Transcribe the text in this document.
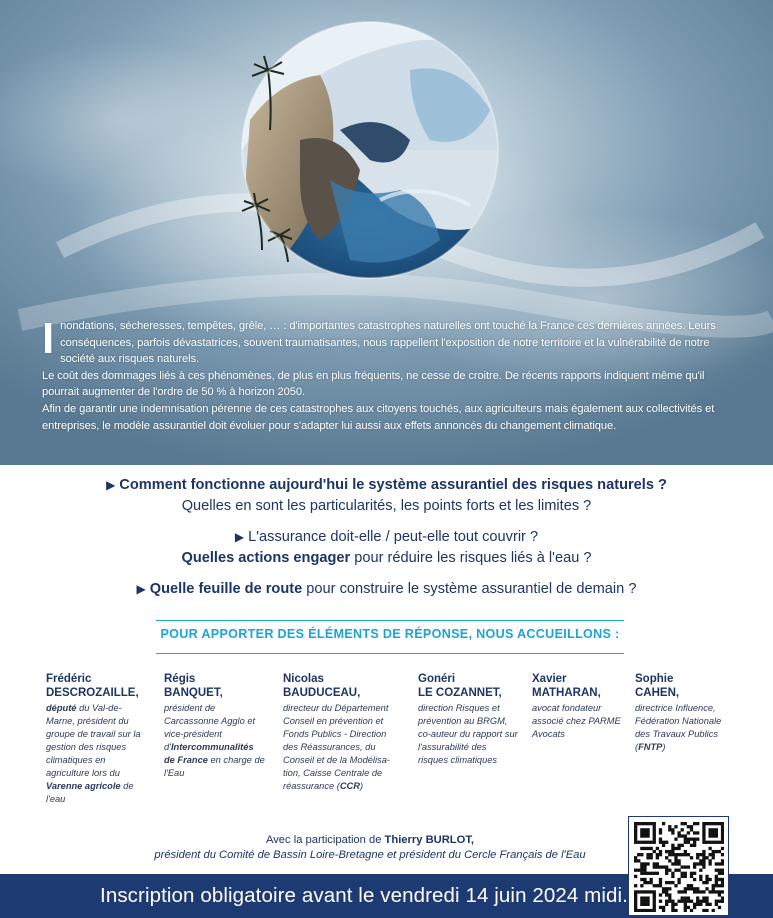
I nondations, sécheresses, tempêtes, grêle, … : d'importantes catastrophes naturelles ont touché la France ces dernières années. Leurs conséquences, parfois dévastatrices, souvent traumatisantes, nous rappellent l'exposition de notre territoire et la vulnérabilité de notre société aux risques naturels.

Le coût des dommages liés à ces phénomènes, de plus en plus fréquents, ne cesse de croitre. De récents rapports indiquent même qu'il pourrait augmenter de l'ordre de 50 % à horizon 2050.

Afin de garantir une indemnisation pérenne de ces catastrophes aux citoyens touchés, aux agriculteurs mais également aux collectivités et entreprises, le modèle assurantiel doit évoluer pour s'adapter lui aussi aux effets annoncés du changement climatique.

▶ Comment fonctionne aujourd'hui le système assurantiel des risques naturels ?
Quelles en sont les particularités, les points forts et les limites ?
▶ L'assurance doit-elle / peut-elle tout couvrir ?
Quelles actions engager pour réduire les risques liés à l'eau ?
▶ Quelle feuille de route pour construire le système assurantiel de demain ?
POUR APPORTER DES ÉLÉMENTS DE RÉPONSE, NOUS ACCUEILLONS :
Frédéric
DESCROZAILLE,
député du Val-de-Marne, président du groupe de travail sur la gestion des risques climatiques en agriculture lors du Varenne agricole de l'eau
Régis
BANQUET,
président de Carcassonne Agglo et vice-président d'Intercommunalités de France en charge de l'Eau
Nicolas
BAUDUCEAU,
directeur du Département Conseil en prévention et Fonds Publics - Direction des Réassurances, du Conseil et de la Modélisa-tion, Caisse Centrale de réassurance (CCR)
Gonéri
LE COZANNET,
direction Risques et prévention au BRGM, co-auteur du rapport sur l'assurabilité des risques climatiques
Xavier
MATHARAN,
avocat fondateur associé chez PARME Avocats
Sophie
CAHEN,
directrice Influence, Fédération Nationale des Travaux Publics (FNTP)
Avec la participation de Thierry BURLOT,
président du Comité de Bassin Loire-Bretagne et président du Cercle Français de l'Eau
Inscription obligatoire avant le vendredi 14 juin 2024 midi.
